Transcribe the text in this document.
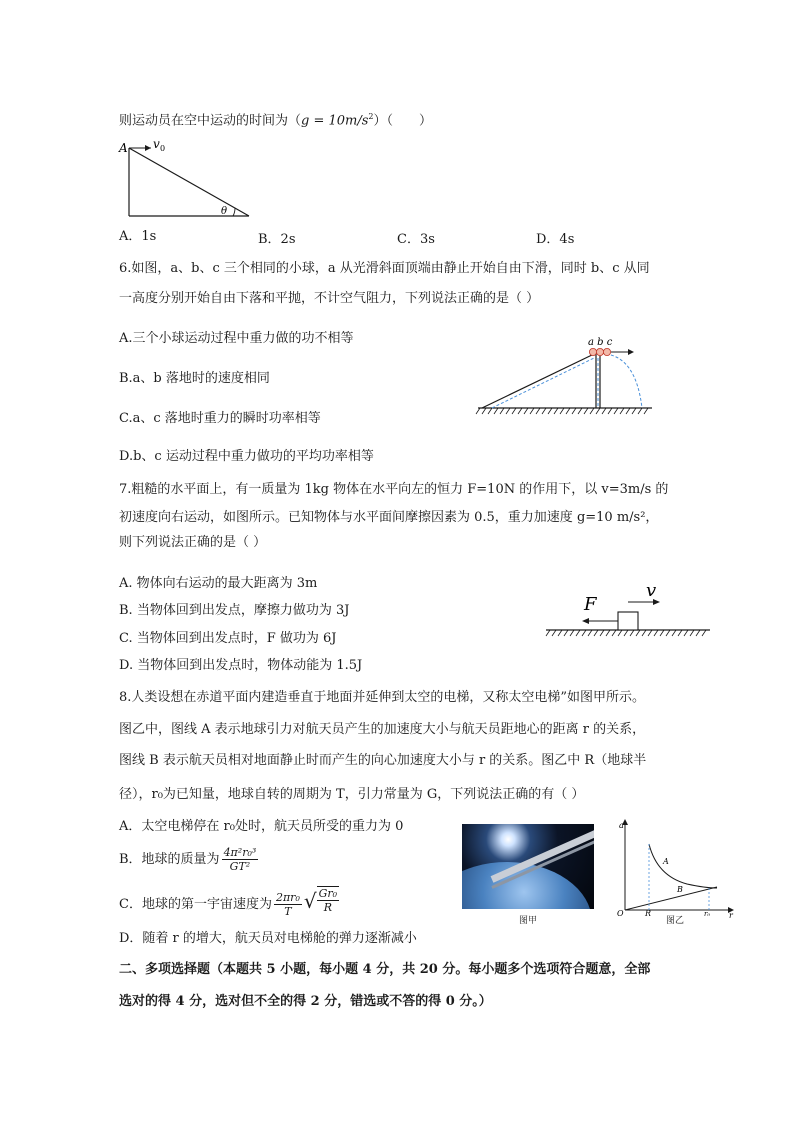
则运动员在空中运动的时间为$(g = 10m/s^2)$（　　）
A v 0
θ
A．1s	B．2s	C．3s	D．4s
6.如图，a、b、c 三个相同的小球，a 从光滑斜面顶端由静止开始自由下滑，同时 b、c 从同
一高度分别开始自由下落和平抛，不计空气阻力，下列说法正确的是（ ）
A.三个小球运动过程中重力做的功不相等
B.a、b 落地时的速度相同
C.a、c 落地时重力的瞬时功率相等
D.b、c 运动过程中重力做功的平均功率相等
a b c
7.粗糙的水平面上，有一质量为 1kg 物体在水平向左的恒力 F=10N 的作用下，以 v=3m/s 的
初速度向右运动，如图所示。已知物体与水平面间摩擦因素为 0.5，重力加速度 g=10 m/s²，
则下列说法正确的是（ ）
A. 物体向右运动的最大距离为 3m
B. 当物体回到出发点，摩擦力做功为 3J
C. 当物体回到出发点时，F 做功为 6J
D. 当物体回到出发点时，物体动能为 1.5J
F
v
8.人类设想在赤道平面内建造垂直于地面并延伸到太空的电梯，又称太空电梯”如图甲所示。
图乙中，图线 A 表示地球引力对航天员产生的加速度大小与航天员距地心的距离 r 的关系，
图线 B 表示航天员相对地面静止时而产生的向心加速度大小与 r 的关系。图乙中 R（地球半
径），r₀为已知量，地球自转的周期为 T，引力常量为 G，下列说法正确的有（ ）
A．太空电梯停在 r₀处时，航天员所受的重力为 0
B．地球的质量为 $\frac{\text{4π²r₀³}}{\text{GT²}}$
C．地球的第一宇宙速度为 $\frac{\text{2πr₀}}{T}$ √ $\frac{\text{Gr₀}}{R}$
D．随着 r 的增大，航天员对电梯舱的弹力逐渐减小
图甲
a
A
B
O	R	r₀ r
图乙
二、多项选择题（本题共 5 小题，每小题 4 分，共 20 分。每小题多个选项符合题意，全部
选对的得 4 分，选对但不全的得 2 分，错选或不答的得 0 分。）
